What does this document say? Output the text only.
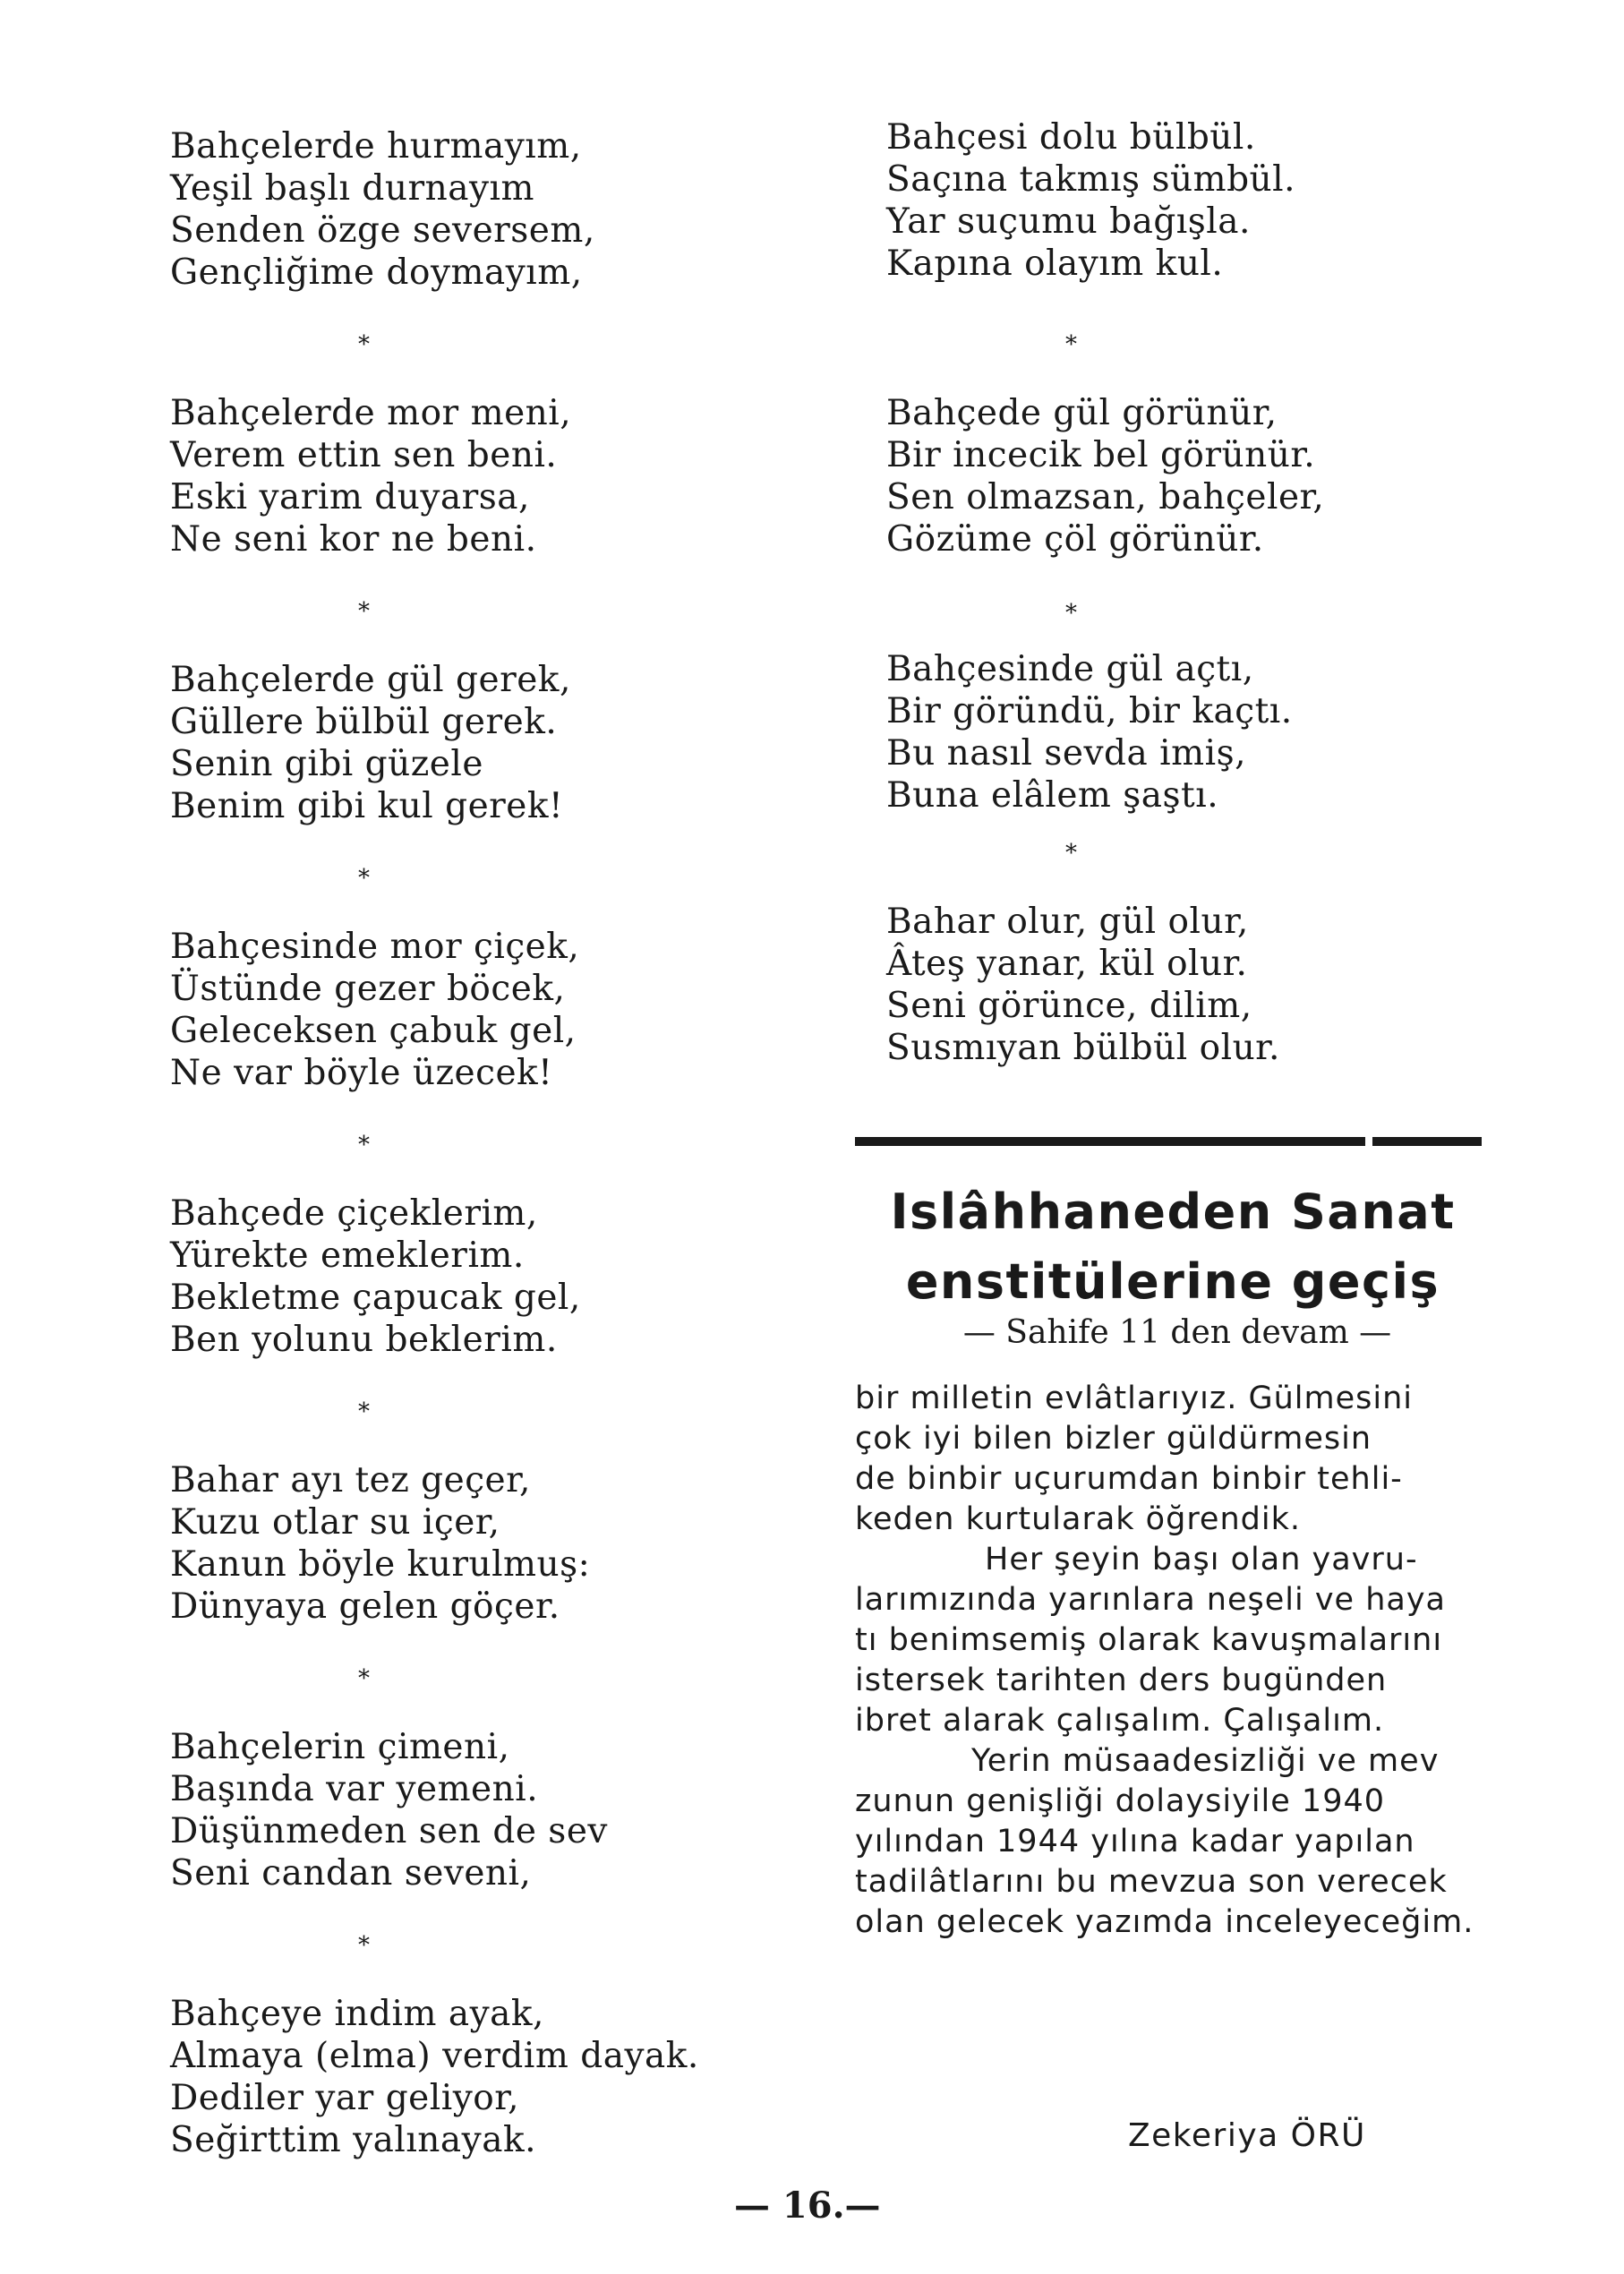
Bahçelerde hurmayım,
Yeşil başlı durnayım
Senden özge seversem,
Gençliğime doymayım,
*
Bahçelerde mor meni,
Verem ettin sen beni.
Eski yarim duyarsa,
Ne seni kor ne beni.
*
Bahçelerde gül gerek,
Güllere bülbül gerek.
Senin gibi güzele
Benim gibi kul gerek!
*
Bahçesinde mor çiçek,
Üstünde gezer böcek,
Geleceksen çabuk gel,
Ne var böyle üzecek!
*
Bahçede çiçeklerim,
Yürekte emeklerim.
Bekletme çapucak gel,
Ben yolunu beklerim.
*
Bahar ayı tez geçer,
Kuzu otlar su içer,
Kanun böyle kurulmuş:
Dünyaya gelen göçer.
*
Bahçelerin çimeni,
Başında var yemeni.
Düşünmeden sen de sev
Seni candan seveni,
*
Bahçeye indim ayak,
Almaya (elma) verdim dayak.
Dediler yar geliyor,
Seğirttim yalınayak.
Bahçesi dolu bülbül.
Saçına takmış sümbül.
Yar suçumu bağışla.
Kapına olayım kul.
*
Bahçede gül görünür,
Bir incecik bel görünür.
Sen olmazsan, bahçeler,
Gözüme çöl görünür.
*
Bahçesinde gül açtı,
Bir göründü, bir kaçtı.
Bu nasıl sevda imiş,
Buna elâlem şaştı.
*
Bahar olur, gül olur,
Âteş yanar, kül olur.
Seni görünce, dilim,
Susmıyan bülbül olur.
Islâhhaneden Sanat
enstitülerine geçiş
— Sahife 11 den devam —
bir milletin evlâtlarıyız. Gülmesini
çok iyi bilen bizler güldürmesin
de binbir uçurumdan binbir tehli-
keden kurtularak öğrendik.
Her şeyin başı olan yavru-
larımızında yarınlara neşeli ve haya
tı benimsemiş olarak kavuşmalarını
istersek tarihten ders bugünden
ibret alarak çalışalım. Çalışalım.
Yerin müsaadesizliği ve mev
zunun genişliği dolaysiyile 1940
yılından 1944 yılına kadar yapılan
tadilâtlarını bu mevzua son verecek
olan gelecek yazımda inceleyeceğim.
Zekeriya ÖRÜ
— 16.—
